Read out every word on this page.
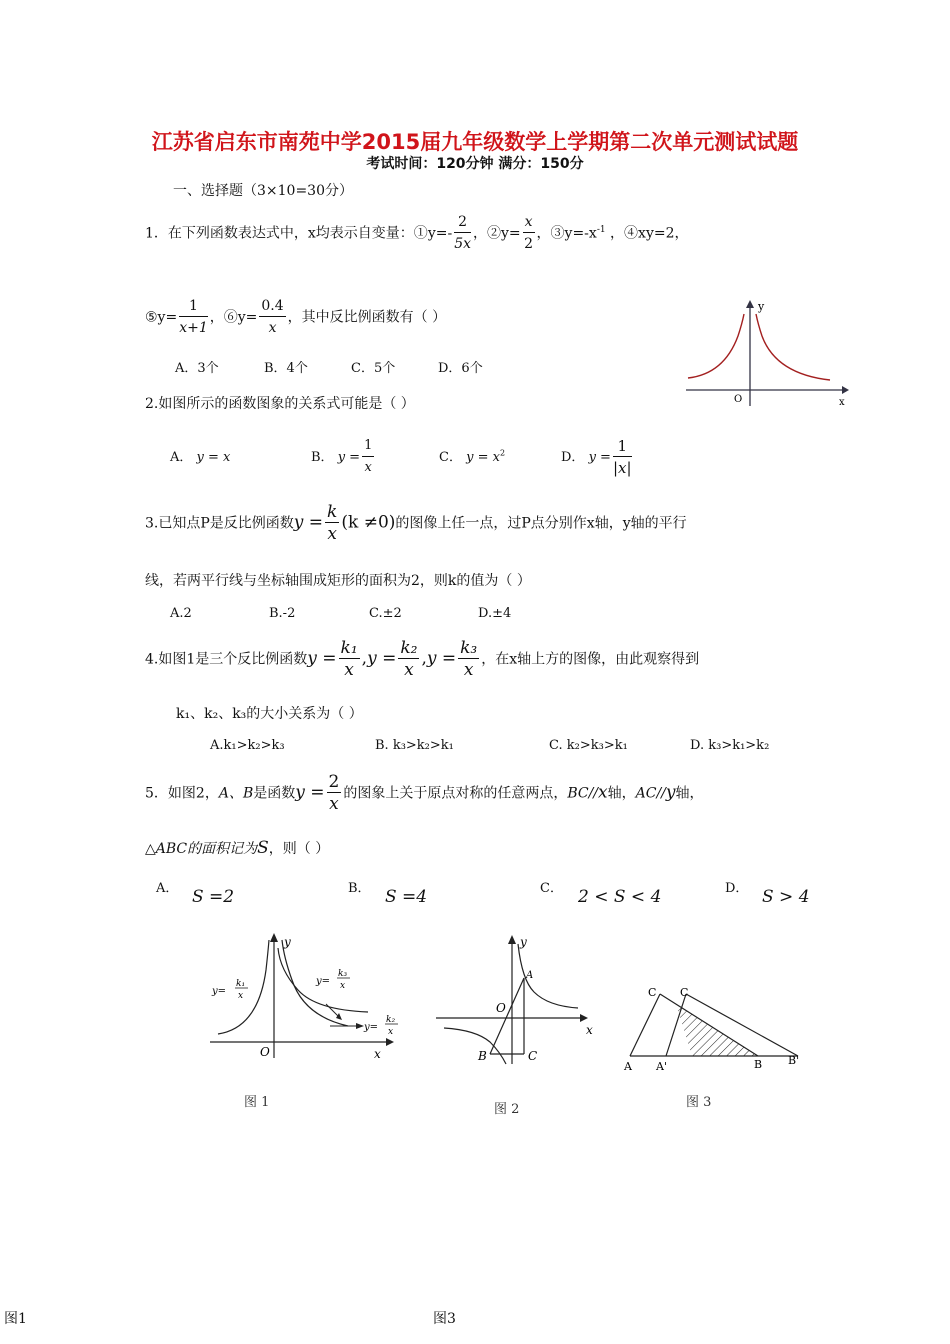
江苏省启东市南苑中学2015届九年级数学上学期第二次单元测试试题
考试时间：120分钟 满分：150分
一、选择题（3×10=30分）
1．在下列函数表达式中，x均表示自变量：①y=- $\frac{2}{5x}$ ，②y= $\frac{x}{2}$ ，$③y=-x^{-1}$ ，④xy=2，
⑤y= $\frac{1}{x+1}$ ，⑥y= $\frac{0.4}{x}$ ，其中反比例函数有（ ）
A．3个	B．4个	C．5个	D．6个
y
x
O
2.如图所示的函数图象的关系式可能是（ ）
A． y = x	B． $y = \frac{1}{x}$	C． $y = x^2$	D． $y = \frac{1}{|x|}$
3.已知点P是反比例函数$y = \frac{k}{x} (k \ne 0)$的图像上任一点，过P点分别作x轴，y轴的平行
线，若两平行线与坐标轴围成矩形的面积为2，则k的值为（ ）
A.2	B.-2	C.±2	D.±4
4.如图1是三个反比例函数$y = \frac{\text{k₁}}{x} ,y = \frac{\text{k₂}}{x} ,y = \frac{\text{k₃}}{x}$ ，在x轴上方的图像，由此观察得到
k₁、k₂、k₃的大小关系为（ ）
A.k₁>k₂>k₃	B. k₃>k₂>k₁	C. k₂>k₃>k₁	D. k₃>k₁>k₂
5．如图2，A、B是函数$y = \frac{2}{x}$ 的图象上关于原点对称的任意两点，BC//x轴，AC//y轴，
△ABC的面积记为S，则（ ）
A． S =2	B． S =4	C． 2 < S < 4	D． S > 4
y
x
O
y=
k₁
x
y=
k₃
x
y=
k₂
x
图 1
y
x
O
A
B	C
图 2
C C
A A'	B B'
图 3
图1	图3
